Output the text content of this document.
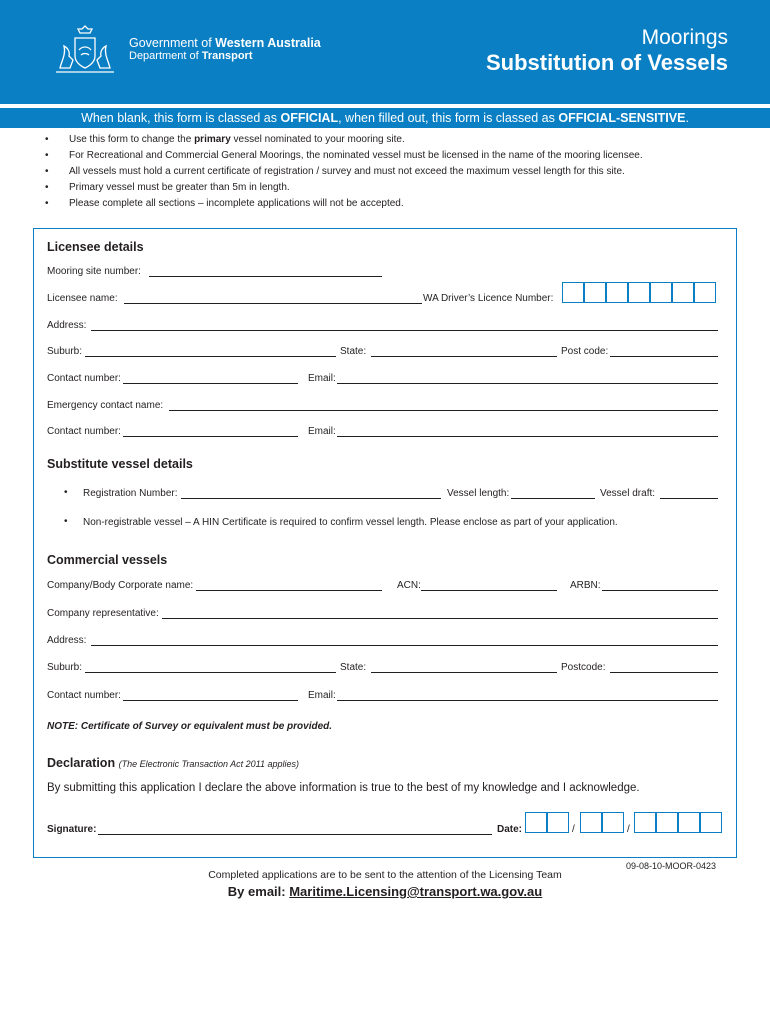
Government of Western Australia
Department of Transport
Moorings
Substitution of Vessels
When blank, this form is classed as OFFICIAL, when filled out, this form is classed as OFFICIAL-SENSITIVE.
• Use this form to change the primary vessel nominated to your mooring site.
• For Recreational and Commercial General Moorings, the nominated vessel must be licensed in the name of the mooring licensee.
• All vessels must hold a current certificate of registration / survey and must not exceed the maximum vessel length for this site.
• Primary vessel must be greater than 5m in length.
• Please complete all sections – incomplete applications will not be accepted.
Licensee details
Mooring site number:
Licensee name:	WA Driver’s Licence Number:
Address:
Suburb:	State:	Post code:
Contact number:	Email:
Emergency contact name:
Contact number:	Email:
Substitute vessel details
• Registration Number:	Vessel length:	Vessel draft:
• Non-registrable vessel – A HIN Certificate is required to confirm vessel length. Please enclose as part of your application.
Commercial vessels
Company/Body Corporate name:	ACN:	ARBN:
Company representative:
Address:
Suburb:	State:	Postcode:
Contact number:	Email:
NOTE: Certificate of Survey or equivalent must be provided.
Declaration (The Electronic Transaction Act 2011 applies)
By submitting this application I declare the above information is true to the best of my knowledge and I acknowledge.
Signature:	Date:	/	/
09-08-10-MOOR-0423
Completed applications are to be sent to the attention of the Licensing Team
By email: Maritime.Licensing@transport.wa.gov.au
